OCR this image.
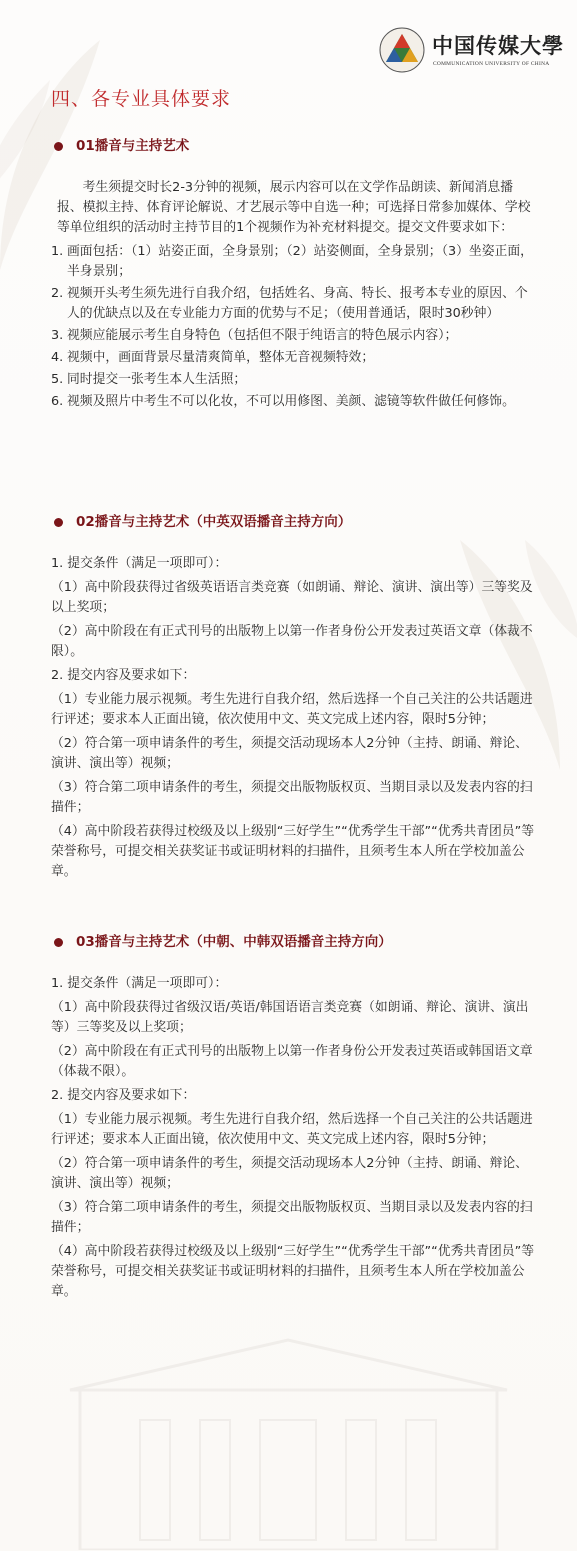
中国传媒大學
COMMUNICATION UNIVERSITY OF CHINA
四、各专业具体要求
01播音与主持艺术

考生须提交时长2-3分钟的视频，展示内容可以在文学作品朗读、新闻消息播报、模拟主持、体育评论解说、才艺展示等中自选一种；可选择日常参加媒体、学校等单位组织的活动时主持节目的1个视频作为补充材料提交。提交文件要求如下：

1. 画面包括：（1）站姿正面，全身景别；（2）站姿侧面，全身景别；（3）坐姿正面，半身景别；
2. 视频开头考生须先进行自我介绍，包括姓名、身高、特长、报考本专业的原因、个人的优缺点以及在专业能力方面的优势与不足；（使用普通话，限时30秒钟）
3. 视频应能展示考生自身特色（包括但不限于纯语言的特色展示内容）；
4. 视频中，画面背景尽量清爽简单，整体无音视频特效；
5. 同时提交一张考生本人生活照；
6. 视频及照片中考生不可以化妆，不可以用修图、美颜、滤镜等软件做任何修饰。
02播音与主持艺术（中英双语播音主持方向）

1. 提交条件（满足一项即可）：

（1）高中阶段获得过省级英语语言类竞赛（如朗诵、辩论、演讲、演出等）三等奖及以上奖项；

（2）高中阶段在有正式刊号的出版物上以第一作者身份公开发表过英语文章（体裁不限）。

2. 提交内容及要求如下：

（1）专业能力展示视频。考生先进行自我介绍，然后选择一个自己关注的公共话题进行评述；要求本人正面出镜，依次使用中文、英文完成上述内容，限时5分钟；

（2）符合第一项申请条件的考生，须提交活动现场本人2分钟（主持、朗诵、辩论、演讲、演出等）视频；

（3）符合第二项申请条件的考生，须提交出版物版权页、当期目录以及发表内容的扫描件；

（4）高中阶段若获得过校级及以上级别“三好学生”“优秀学生干部”“优秀共青团员”等荣誉称号，可提交相关获奖证书或证明材料的扫描件，且须考生本人所在学校加盖公章。

03播音与主持艺术（中朝、中韩双语播音主持方向）

1. 提交条件（满足一项即可）：

（1）高中阶段获得过省级汉语/英语/韩国语语言类竞赛（如朗诵、辩论、演讲、演出等）三等奖及以上奖项；

（2）高中阶段在有正式刊号的出版物上以第一作者身份公开发表过英语或韩国语文章（体裁不限）。

2. 提交内容及要求如下：

（1）专业能力展示视频。考生先进行自我介绍，然后选择一个自己关注的公共话题进行评述；要求本人正面出镜，依次使用中文、英文完成上述内容，限时5分钟；

（2）符合第一项申请条件的考生，须提交活动现场本人2分钟（主持、朗诵、辩论、演讲、演出等）视频；

（3）符合第二项申请条件的考生，须提交出版物版权页、当期目录以及发表内容的扫描件；

（4）高中阶段若获得过校级及以上级别“三好学生”“优秀学生干部”“优秀共青团员”等荣誉称号，可提交相关获奖证书或证明材料的扫描件，且须考生本人所在学校加盖公章。
